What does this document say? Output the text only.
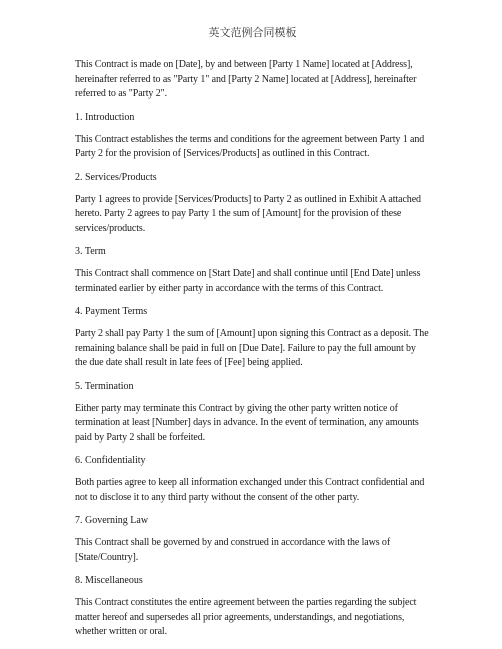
英文范例合同模板

This Contract is made on [Date], by and between [Party 1 Name] located at [Address], hereinafter referred to as "Party 1" and [Party 2 Name] located at [Address], hereinafter referred to as "Party 2".

1. Introduction

This Contract establishes the terms and conditions for the agreement between Party 1 and Party 2 for the provision of [Services/Products] as outlined in this Contract.

2. Services/Products

Party 1 agrees to provide [Services/Products] to Party 2 as outlined in Exhibit A attached hereto. Party 2 agrees to pay Party 1 the sum of [Amount] for the provision of these services/products.

3. Term

This Contract shall commence on [Start Date] and shall continue until [End Date] unless terminated earlier by either party in accordance with the terms of this Contract.

4. Payment Terms

Party 2 shall pay Party 1 the sum of [Amount] upon signing this Contract as a deposit. The remaining balance shall be paid in full on [Due Date]. Failure to pay the full amount by the due date shall result in late fees of [Fee] being applied.

5. Termination

Either party may terminate this Contract by giving the other party written notice of termination at least [Number] days in advance. In the event of termination, any amounts paid by Party 2 shall be forfeited.

6. Confidentiality

Both parties agree to keep all information exchanged under this Contract confidential and not to disclose it to any third party without the consent of the other party.

7. Governing Law

This Contract shall be governed by and construed in accordance with the laws of [State/Country].

8. Miscellaneous

This Contract constitutes the entire agreement between the parties regarding the subject matter hereof and supersedes all prior agreements, understandings, and negotiations, whether written or oral.
